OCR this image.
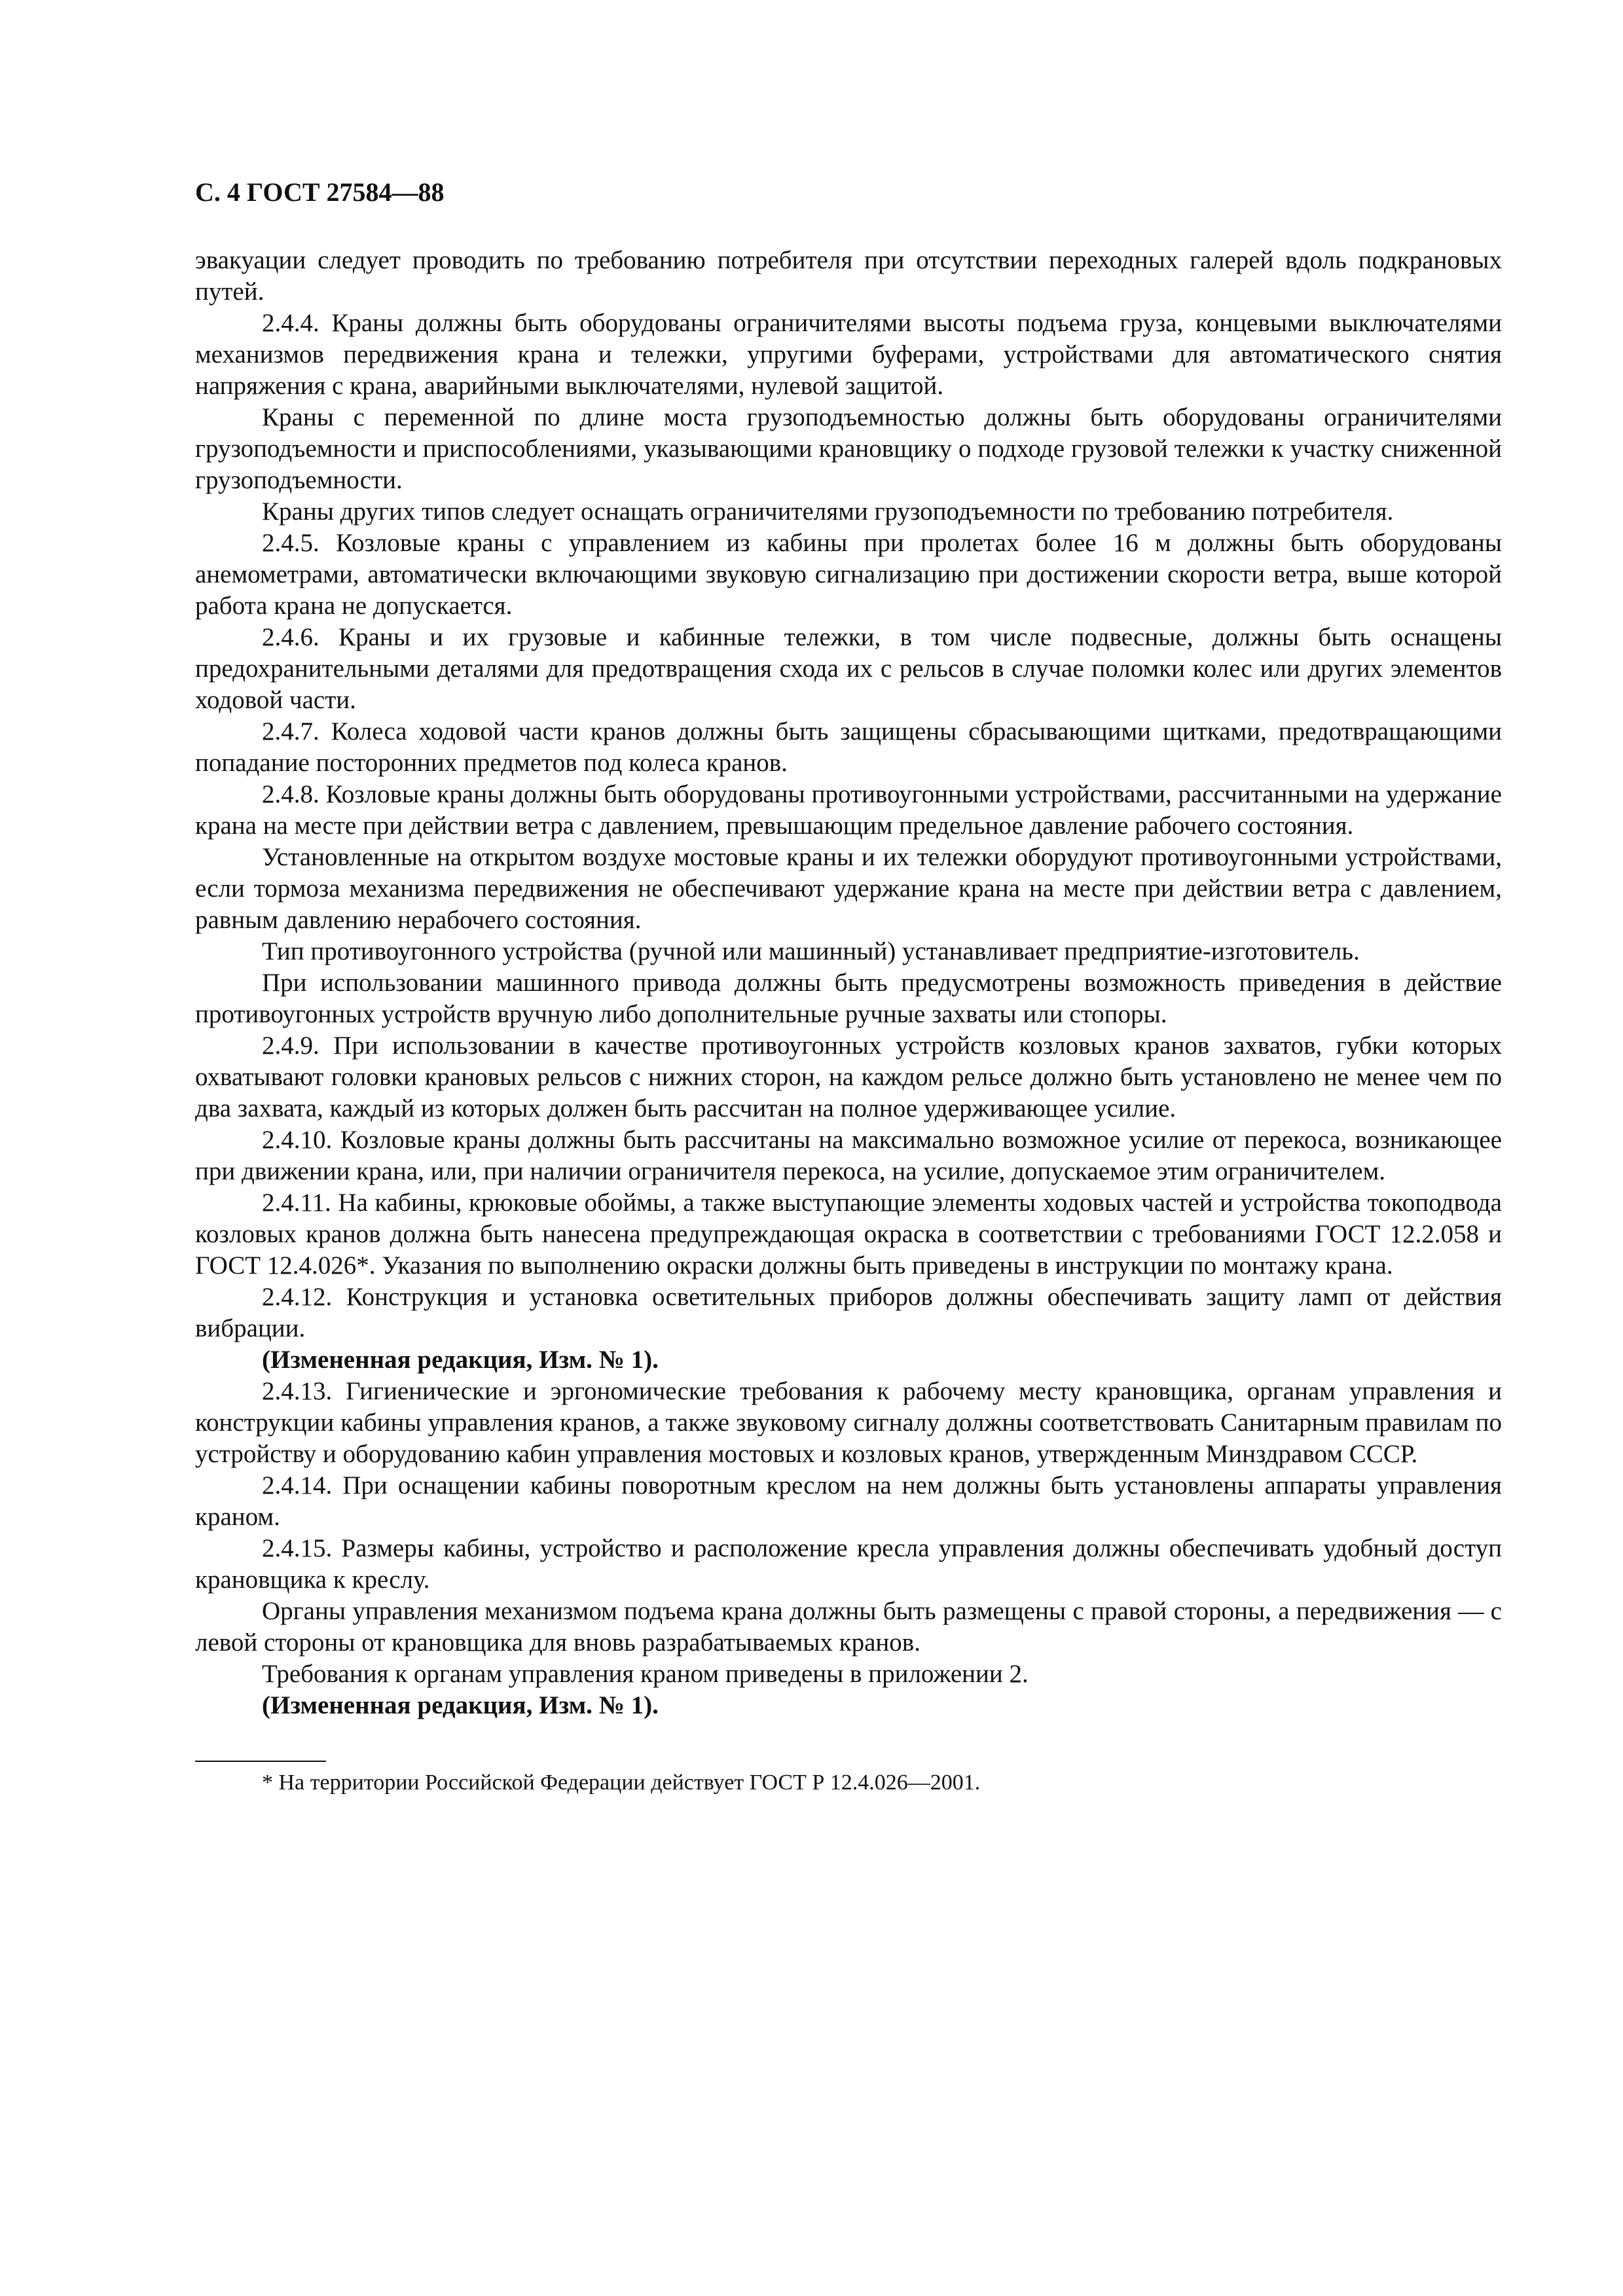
С. 4 ГОСТ 27584—88

эвакуации следует проводить по требованию потребителя при отсутствии переходных галерей вдоль подкрановых путей.

2.4.4. Краны должны быть оборудованы ограничителями высоты подъема груза, концевыми выключателями механизмов передвижения крана и тележки, упругими буферами, устройствами для автоматического снятия напряжения с крана, аварийными выключателями, нулевой защитой.

Краны с переменной по длине моста грузоподъемностью должны быть оборудованы ограничителями грузоподъемности и приспособлениями, указывающими крановщику о подходе грузовой тележки к участку сниженной грузоподъемности.

Краны других типов следует оснащать ограничителями грузоподъемности по требованию потребителя.

2.4.5. Козловые краны с управлением из кабины при пролетах более 16 м должны быть оборудованы анемометрами, автоматически включающими звуковую сигнализацию при достижении скорости ветра, выше которой работа крана не допускается.

2.4.6. Краны и их грузовые и кабинные тележки, в том числе подвесные, должны быть оснащены предохранительными деталями для предотвращения схода их с рельсов в случае поломки колес или других элементов ходовой части.

2.4.7. Колеса ходовой части кранов должны быть защищены сбрасывающими щитками, предотвращающими попадание посторонних предметов под колеса кранов.

2.4.8. Козловые краны должны быть оборудованы противоугонными устройствами, рассчитанными на удержание крана на месте при действии ветра с давлением, превышающим предельное давление рабочего состояния.

Установленные на открытом воздухе мостовые краны и их тележки оборудуют противоугонными устройствами, если тормоза механизма передвижения не обеспечивают удержание крана на месте при действии ветра с давлением, равным давлению нерабочего состояния.

Тип противоугонного устройства (ручной или машинный) устанавливает предприятие-изготовитель.

При использовании машинного привода должны быть предусмотрены возможность приведения в действие противоугонных устройств вручную либо дополнительные ручные захваты или стопоры.

2.4.9. При использовании в качестве противоугонных устройств козловых кранов захватов, губки которых охватывают головки крановых рельсов с нижних сторон, на каждом рельсе должно быть установлено не менее чем по два захвата, каждый из которых должен быть рассчитан на полное удерживающее усилие.

2.4.10. Козловые краны должны быть рассчитаны на максимально возможное усилие от перекоса, возникающее при движении крана, или, при наличии ограничителя перекоса, на усилие, допускаемое этим ограничителем.

2.4.11. На кабины, крюковые обоймы, а также выступающие элементы ходовых частей и устройства токоподвода козловых кранов должна быть нанесена предупреждающая окраска в соответствии с требованиями ГОСТ 12.2.058 и ГОСТ 12.4.026*. Указания по выполнению окраски должны быть приведены в инструкции по монтажу крана.

2.4.12. Конструкция и установка осветительных приборов должны обеспечивать защиту ламп от действия вибрации.

(Измененная редакция, Изм. № 1).

2.4.13. Гигиенические и эргономические требования к рабочему месту крановщика, органам управления и конструкции кабины управления кранов, а также звуковому сигналу должны соответствовать Санитарным правилам по устройству и оборудованию кабин управления мостовых и козловых кранов, утвержденным Минздравом СССР.

2.4.14. При оснащении кабины поворотным креслом на нем должны быть установлены аппараты управления краном.

2.4.15. Размеры кабины, устройство и расположение кресла управления должны обеспечивать удобный доступ крановщика к креслу.

Органы управления механизмом подъема крана должны быть размещены с правой стороны, а передвижения — с левой стороны от крановщика для вновь разрабатываемых кранов.

Требования к органам управления краном приведены в приложении 2.

(Измененная редакция, Изм. № 1).

* На территории Российской Федерации действует ГОСТ Р 12.4.026—2001.
